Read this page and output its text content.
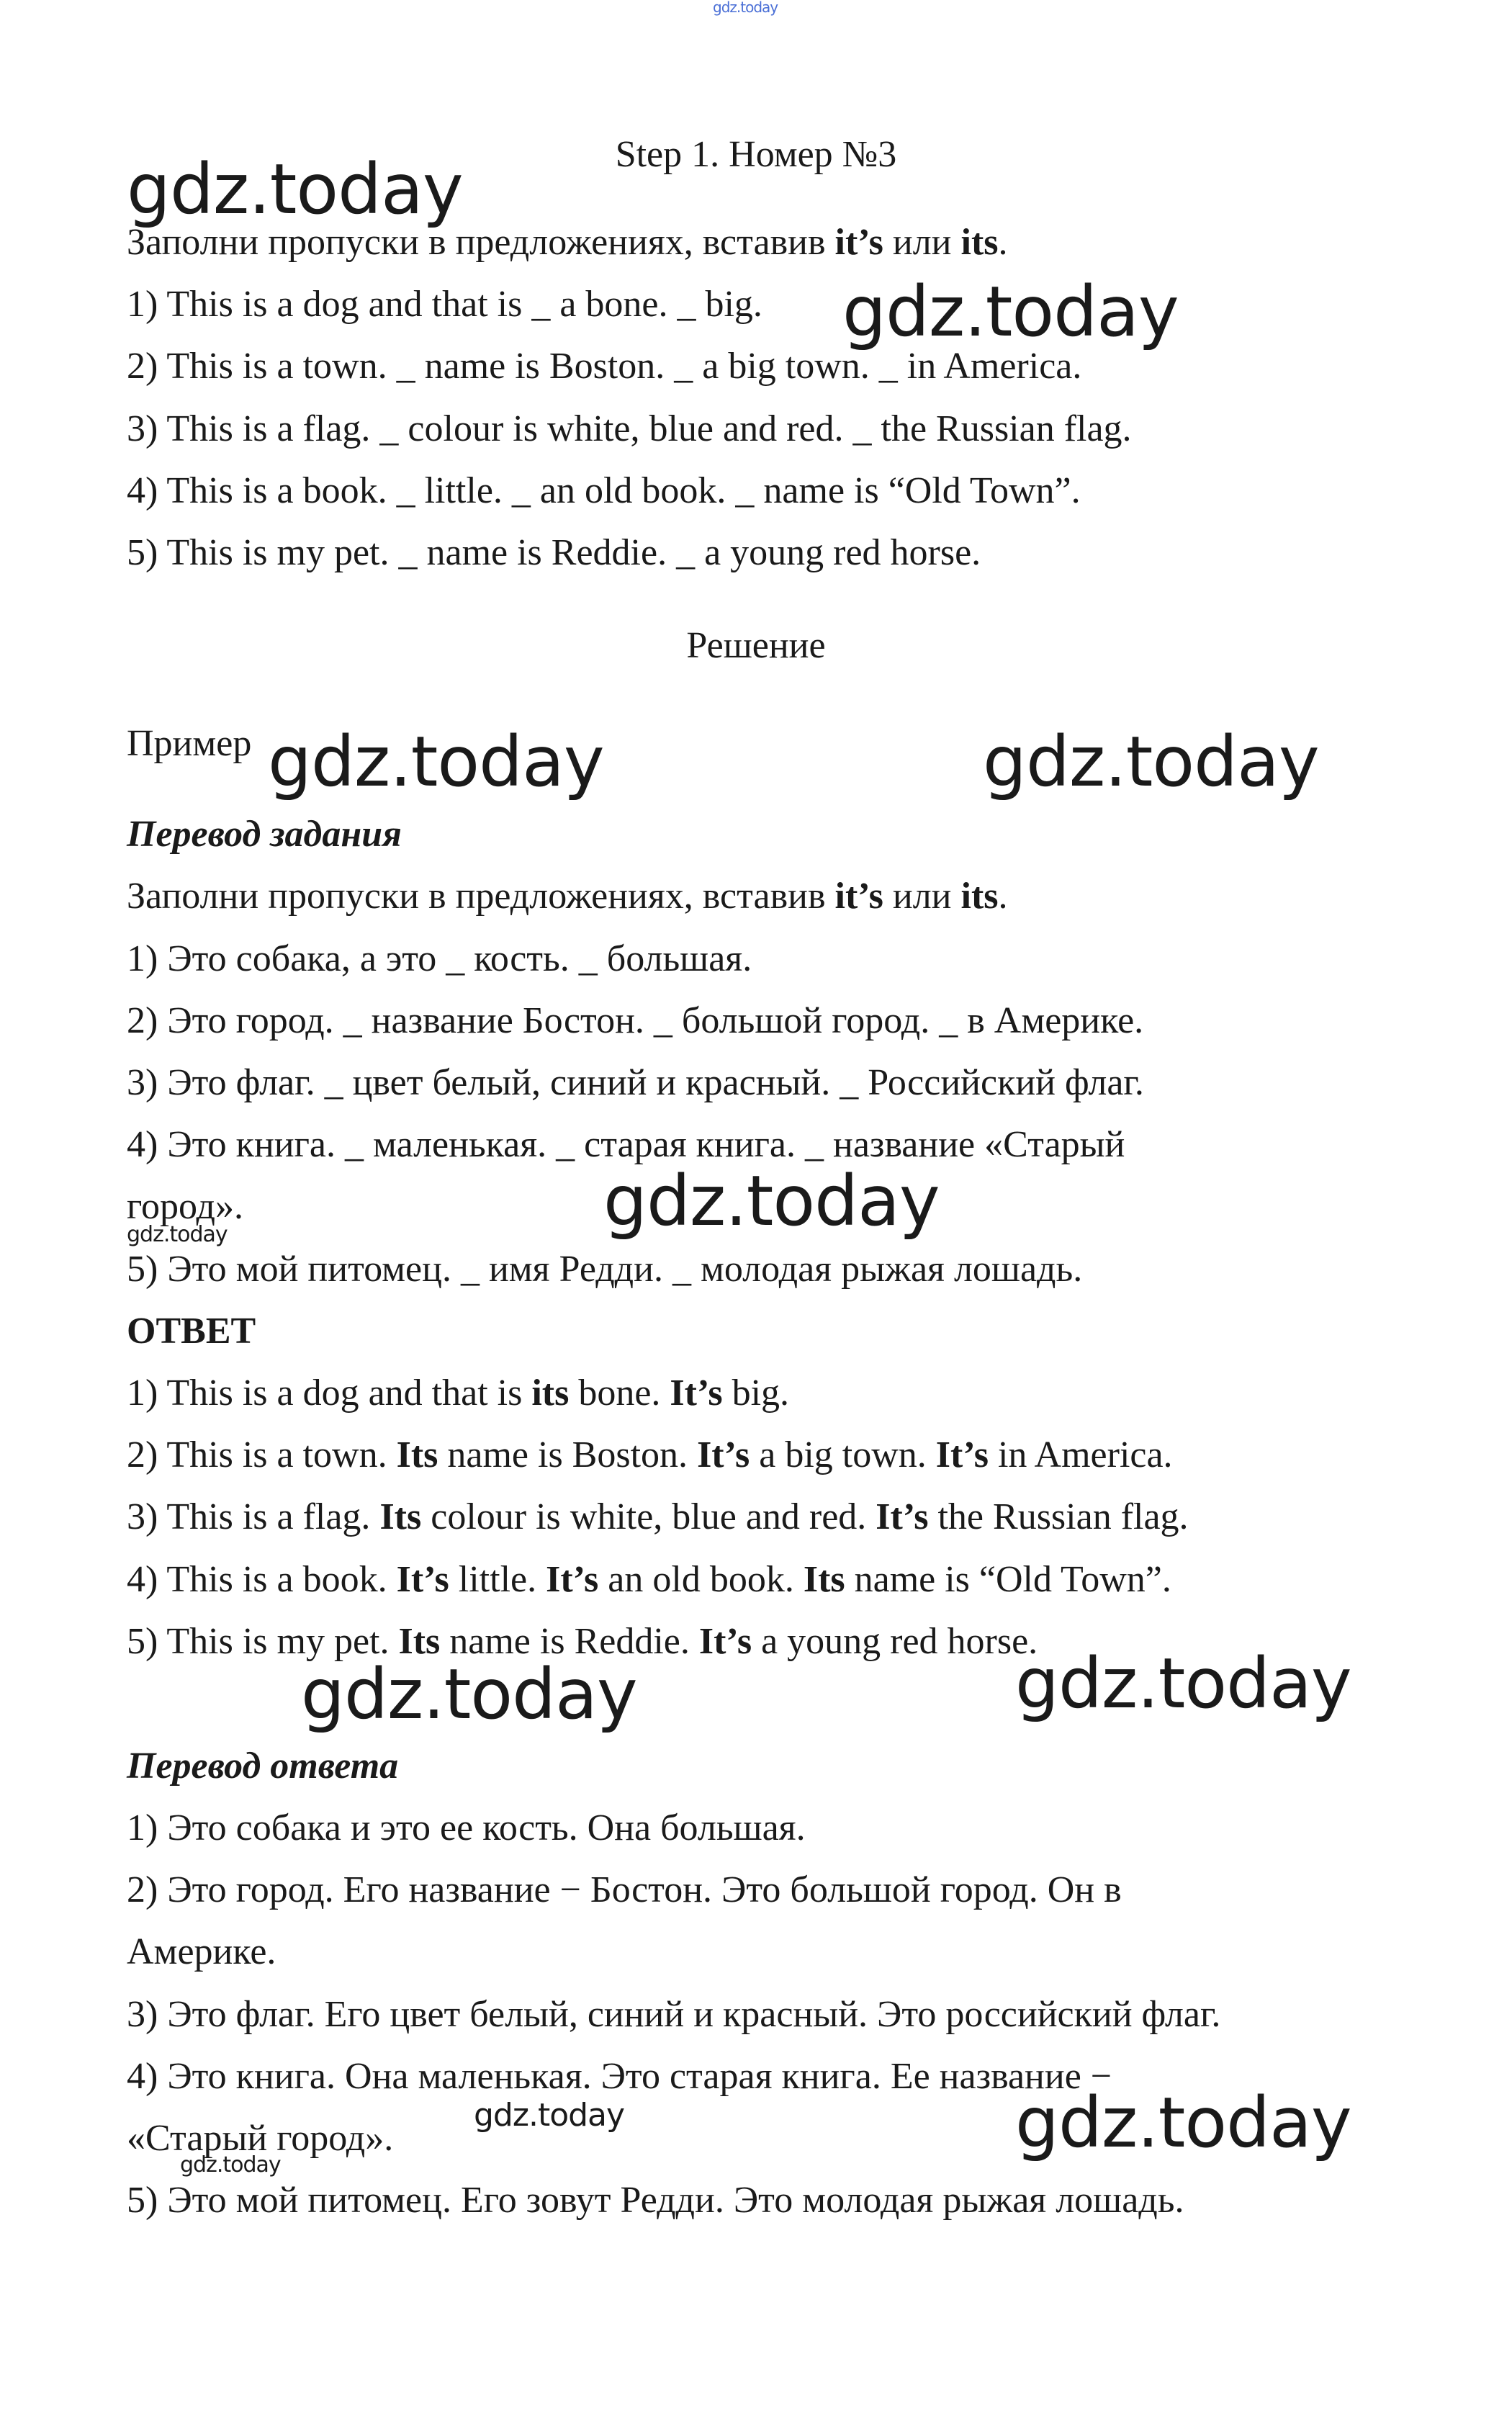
gdz.today
Step 1. Номер №3
gdz.today
Заполни пропуски в предложениях, вставив it’s или its.
1) This is a dog and that is _ a bone. _ big. gdz.today
2) This is a town. _ name is Boston. _ a big town. _ in America.
3) This is a flag. _ colour is white, blue and red. _ the Russian flag.
4) This is a book. _ little. _ an old book. _ name is “Old Town”.
5) This is my pet. _ name is Reddie. _ a young red horse.
Решение
Пример gdz.today	gdz.today
Перевод задания
Заполни пропуски в предложениях, вставив it’s или its.
1) Это собака, а это _ кость. _ большая.
2) Это город. _ название Бостон. _ большой город. _ в Америке.
3) Это флаг. _ цвет белый, синий и красный. _ Российский флаг.
4) Это книга. _ маленькая. _ старая книга. _ название «Старый
город».	gdz.today
gdz.today
5) Это мой питомец. _ имя Редди. _ молодая рыжая лошадь.
ОТВЕТ
1) This is a dog and that is its bone. It’s big.
2) This is a town. Its name is Boston. It’s a big town. It’s in America.
3) This is a flag. Its colour is white, blue and red. It’s the Russian flag.
4) This is a book. It’s little. It’s an old book. Its name is “Old Town”.
5) This is my pet. Its name is Reddie. It’s a young red horse.
gdz.today	gdz.today
Перевод ответа
1) Это собака и это ее кость. Она большая.
2) Это город. Его название − Бостон. Это большой город. Он в
Америке.
3) Это флаг. Его цвет белый, синий и красный. Это российский флаг.
4) Это книга. Она маленькая. Это старая книга. Ее название −
«Старый город».
gdz.today	gdz.today
gdz.today
5) Это мой питомец. Его зовут Редди. Это молодая рыжая лошадь.
